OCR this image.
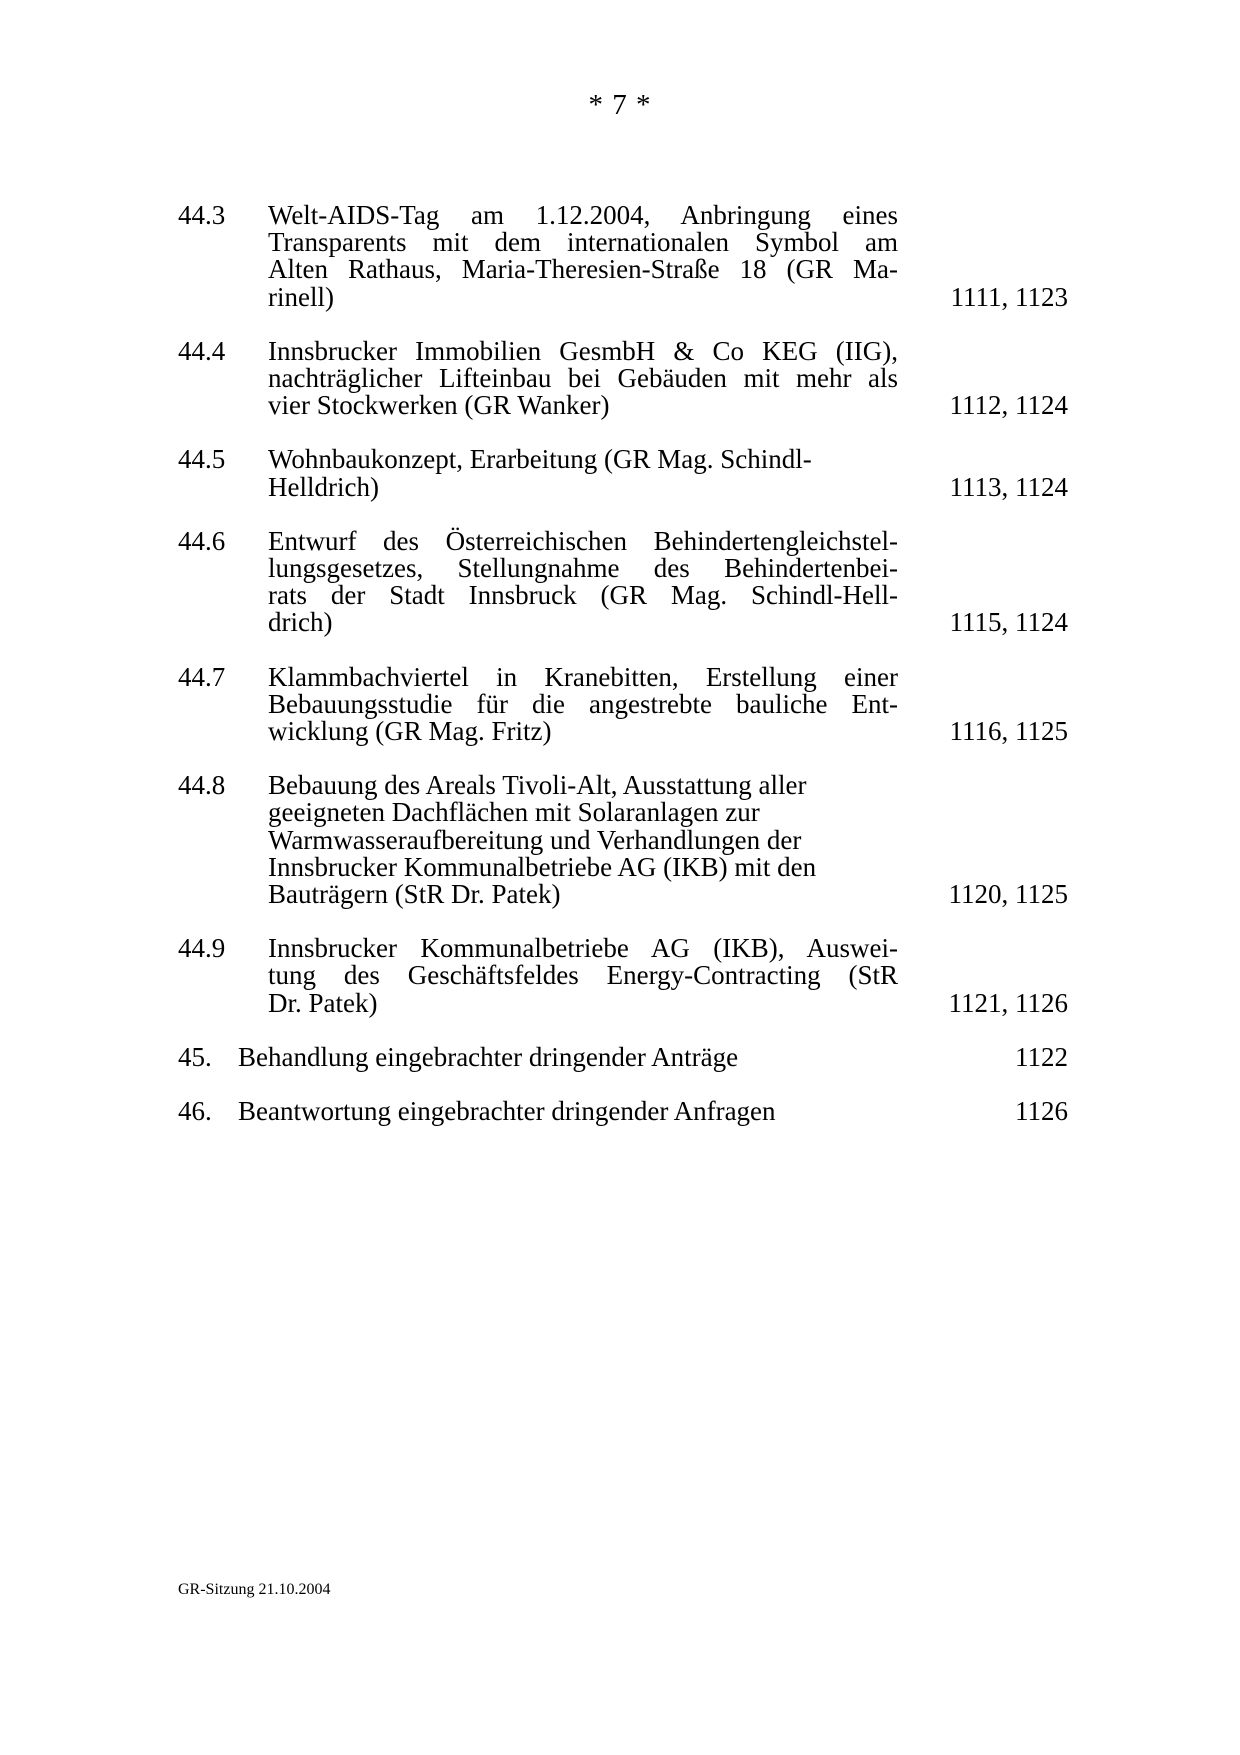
* 7 *
44.3 Welt-AIDS-Tag am 1.12.2004, Anbringung eines
Transparents mit dem internationalen Symbol am
Alten Rathaus, Maria-Theresien-Straße 18 (GR Ma-
rinell)	1111, 1123
44.4 Innsbrucker Immobilien GesmbH & Co KEG (IIG),
nachträglicher Lifteinbau bei Gebäuden mit mehr als
vier Stockwerken (GR Wanker)	1112, 1124
44.5 Wohnbaukonzept, Erarbeitung (GR Mag. Schindl-
Helldrich)	1113, 1124
44.6 Entwurf des Österreichischen Behindertengleichstel-
lungsgesetzes, Stellungnahme des Behindertenbei-
rats der Stadt Innsbruck (GR Mag. Schindl-Hell-
drich)	1115, 1124
44.7 Klammbachviertel in Kranebitten, Erstellung einer
Bebauungsstudie für die angestrebte bauliche Ent-
wicklung (GR Mag. Fritz)	1116, 1125
44.8 Bebauung des Areals Tivoli-Alt, Ausstattung aller
geeigneten Dachflächen mit Solaranlagen zur
Warmwasseraufbereitung und Verhandlungen der
Innsbrucker Kommunalbetriebe AG (IKB) mit den
Bauträgern (StR Dr. Patek)	1120, 1125
44.9 Innsbrucker Kommunalbetriebe AG (IKB), Auswei-
tung des Geschäftsfeldes Energy-Contracting (StR
Dr. Patek)	1121, 1126
45. Behandlung eingebrachter dringender Anträge	1122
46. Beantwortung eingebrachter dringender Anfragen	1126
GR-Sitzung 21.10.2004
